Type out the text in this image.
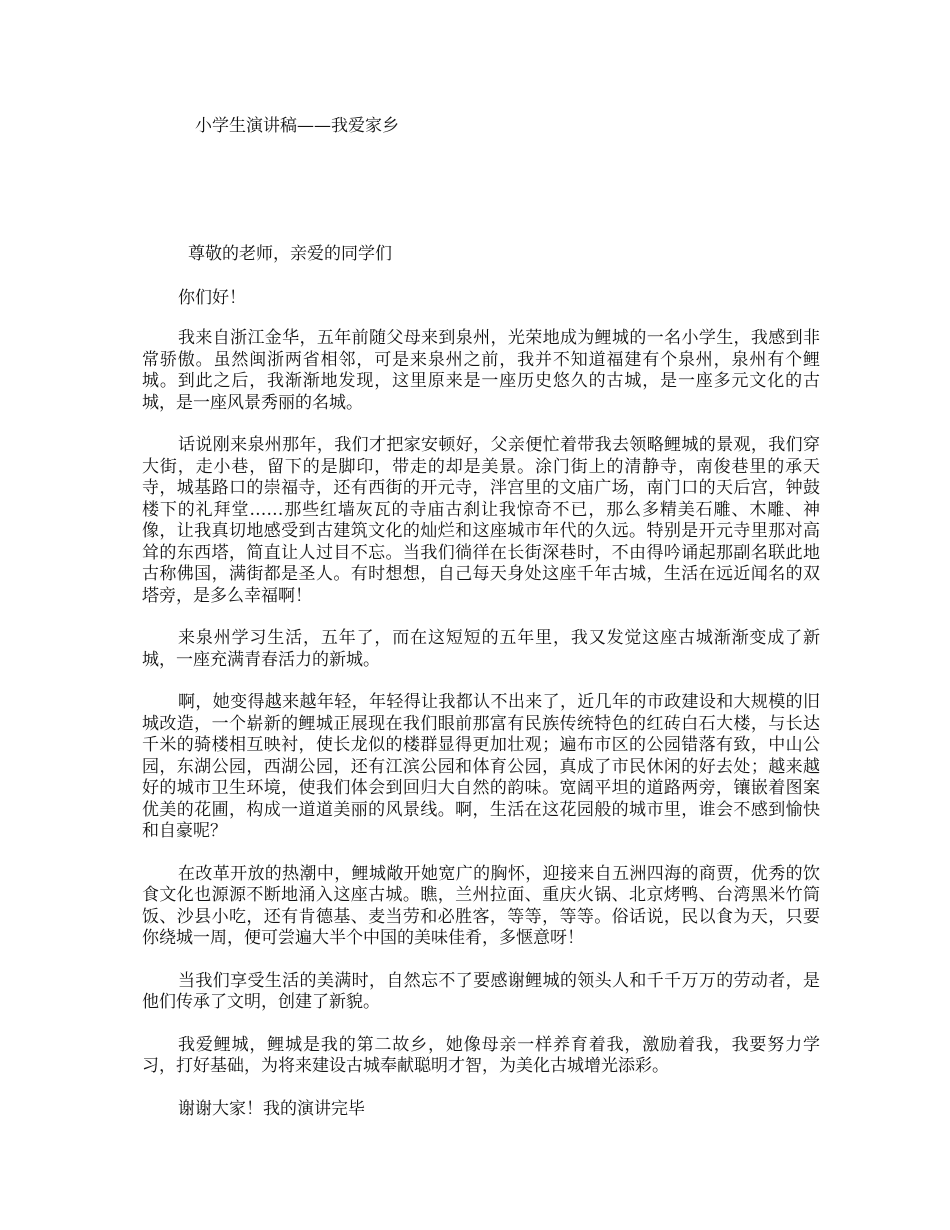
小学生演讲稿——我爱家乡
尊敬的老师，亲爱的同学们
你们好！

我来自浙江金华，五年前随父母来到泉州，光荣地成为鲤城的一名小学生，我感到非常骄傲。虽然闽浙两省相邻，可是来泉州之前，我并不知道福建有个泉州，泉州有个鲤城。到此之后，我渐渐地发现，这里原来是一座历史悠久的古城，是一座多元文化的古城，是一座风景秀丽的名城。

话说刚来泉州那年，我们才把家安顿好，父亲便忙着带我去领略鲤城的景观，我们穿大街，走小巷，留下的是脚印，带走的却是美景。涂门街上的清静寺，南俊巷里的承天寺，城基路口的崇福寺，还有西街的开元寺，泮宫里的文庙广场，南门口的天后宫，钟鼓楼下的礼拜堂……那些红墙灰瓦的寺庙古刹让我惊奇不已，那么多精美石雕、木雕、神像，让我真切地感受到古建筑文化的灿烂和这座城市年代的久远。特别是开元寺里那对高耸的东西塔，简直让人过目不忘。当我们徜徉在长街深巷时，不由得吟诵起那副名联此地古称佛国，满街都是圣人。有时想想，自己每天身处这座千年古城，生活在远近闻名的双塔旁，是多么幸福啊！

来泉州学习生活，五年了，而在这短短的五年里，我又发觉这座古城渐渐变成了新城，一座充满青春活力的新城。

啊，她变得越来越年轻，年轻得让我都认不出来了，近几年的市政建设和大规模的旧城改造，一个崭新的鲤城正展现在我们眼前那富有民族传统特色的红砖白石大楼，与长达千米的骑楼相互映衬，使长龙似的楼群显得更加壮观；遍布市区的公园错落有致，中山公园，东湖公园，西湖公园，还有江滨公园和体育公园，真成了市民休闲的好去处；越来越好的城市卫生环境，使我们体会到回归大自然的韵味。宽阔平坦的道路两旁，镶嵌着图案优美的花圃，构成一道道美丽的风景线。啊，生活在这花园般的城市里，谁会不感到愉快和自豪呢？

在改革开放的热潮中，鲤城敞开她宽广的胸怀，迎接来自五洲四海的商贾，优秀的饮食文化也源源不断地涌入这座古城。瞧，兰州拉面、重庆火锅、北京烤鸭、台湾黑米竹筒饭、沙县小吃，还有肯德基、麦当劳和必胜客，等等，等等。俗话说，民以食为天，只要你绕城一周，便可尝遍大半个中国的美味佳肴，多惬意呀！

当我们享受生活的美满时，自然忘不了要感谢鲤城的领头人和千千万万的劳动者，是他们传承了文明，创建了新貌。

我爱鲤城，鲤城是我的第二故乡，她像母亲一样养育着我，激励着我，我要努力学习，打好基础，为将来建设古城奉献聪明才智，为美化古城增光添彩。

谢谢大家！我的演讲完毕
